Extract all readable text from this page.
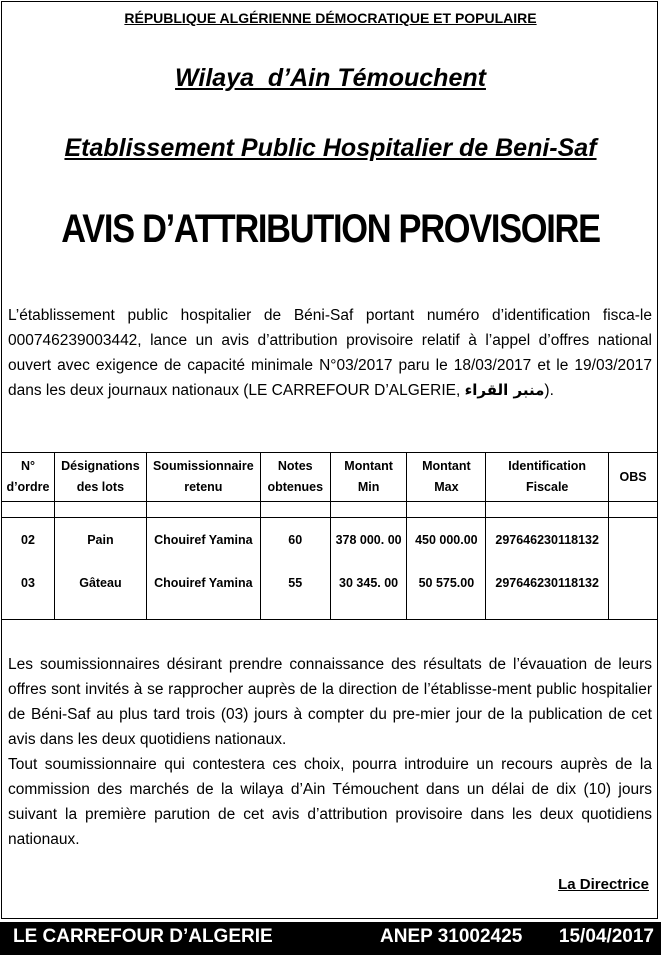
RÉPUBLIQUE ALGÉRIENNE DÉMOCRATIQUE ET POPULAIRE
Wilaya  d’Ain Témouchent
Etablissement Public Hospitalier de Beni-Saf
AVIS D’ATTRIBUTION PROVISOIRE

L’établissement public hospitalier de Béni-Saf portant numéro d’identification fisca-le 000746239003442, lance un avis d’attribution provisoire relatif à l’appel d’offres national ouvert avec exigence de capacité minimale N°03/2017 paru le 18/03/2017 et le 19/03/2017 dans les deux journaux nationaux (LE CARREFOUR D’ALGERIE, منبر القراء).

N° d’ordre	Désignations des lots	Soumissionnaire retenu	Notes obtenues	Montant Min	Montant Max	Identification Fiscale	OBS

02	Pain	Chouiref Yamina	60	378 000. 00	450 000.00	297646230118132	
03	Gâteau	Chouiref Yamina	55	30 345. 00	50 575.00	297646230118132	

Les soumissionnaires désirant prendre connaissance des résultats de l’évauation de leurs offres sont invités à se rapprocher auprès de la direction de l’établisse-ment public hospitalier de Béni-Saf au plus tard trois (03) jours à compter du pre-mier jour de la publication de cet avis dans les deux quotidiens nationaux.

Tout soumissionnaire qui contestera ces choix, pourra introduire un recours auprès de la commission des marchés de la wilaya d’Ain Témouchent dans un délai de dix (10) jours suivant la première parution de cet avis d’attribution provisoire dans les deux quotidiens nationaux.

La Directrice
LE CARREFOUR D’ALGERIE	ANEP 31002425 15/04/2017
